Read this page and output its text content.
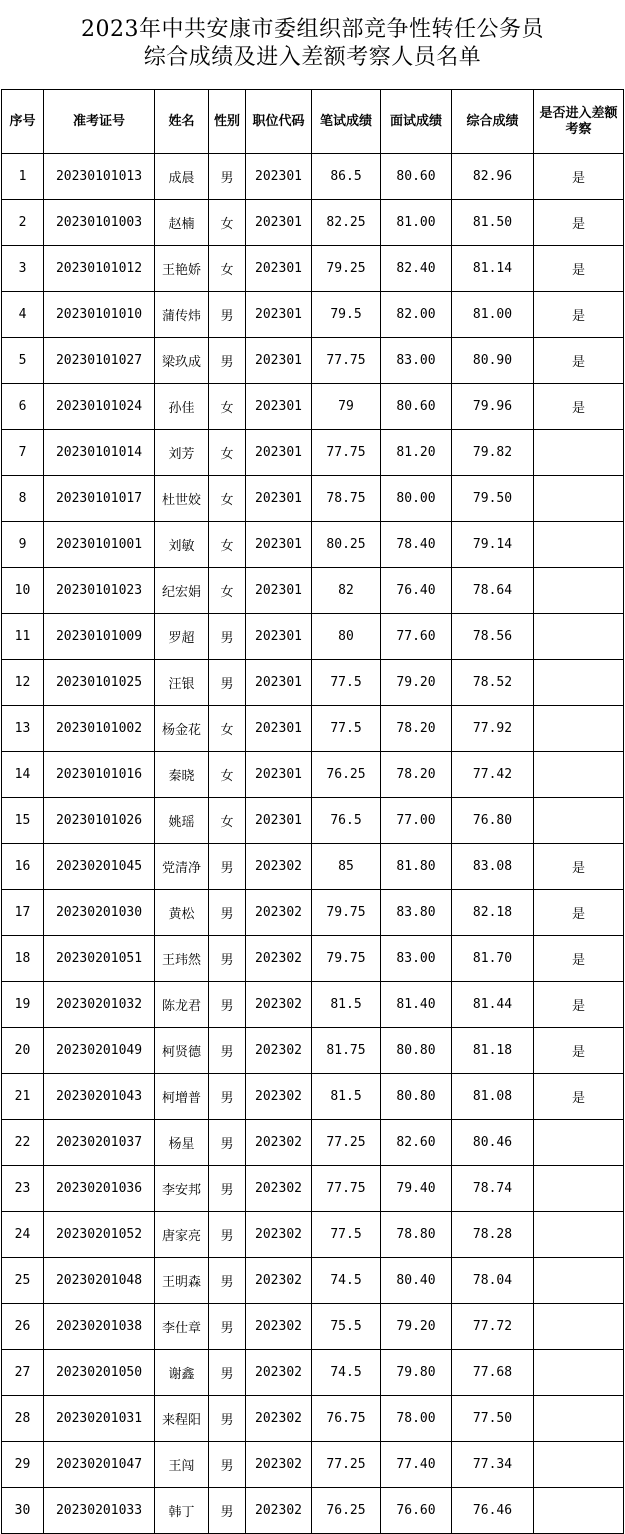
2023年中共安康市委组织部竞争性转任公务员
综合成绩及进入差额考察人员名单
序号	准考证号	姓名	性别	职位代码	笔试成绩	面试成绩	综合成绩	是否进入差额考察
1	20230101013	成晨	男	202301	86.5	80.60	82.96	是
2	20230101003	赵楠	女	202301	82.25	81.00	81.50	是
3	20230101012	王艳娇	女	202301	79.25	82.40	81.14	是
4	20230101010	蒲传炜	男	202301	79.5	82.00	81.00	是
5	20230101027	梁玖成	男	202301	77.75	83.00	80.90	是
6	20230101024	孙佳	女	202301	79	80.60	79.96	是
7	20230101014	刘芳	女	202301	77.75	81.20	79.82	
8	20230101017	杜世姣	女	202301	78.75	80.00	79.50	
9	20230101001	刘敏	女	202301	80.25	78.40	79.14	
10	20230101023	纪宏娟	女	202301	82	76.40	78.64	
11	20230101009	罗超	男	202301	80	77.60	78.56	
12	20230101025	汪银	男	202301	77.5	79.20	78.52	
13	20230101002	杨金花	女	202301	77.5	78.20	77.92	
14	20230101016	秦晓	女	202301	76.25	78.20	77.42	
15	20230101026	姚瑶	女	202301	76.5	77.00	76.80	
16	20230201045	党清净	男	202302	85	81.80	83.08	是
17	20230201030	黄松	男	202302	79.75	83.80	82.18	是
18	20230201051	王玮然	男	202302	79.75	83.00	81.70	是
19	20230201032	陈龙君	男	202302	81.5	81.40	81.44	是
20	20230201049	柯贤德	男	202302	81.75	80.80	81.18	是
21	20230201043	柯增普	男	202302	81.5	80.80	81.08	是
22	20230201037	杨星	男	202302	77.25	82.60	80.46	
23	20230201036	李安邦	男	202302	77.75	79.40	78.74	
24	20230201052	唐家亮	男	202302	77.5	78.80	78.28	
25	20230201048	王明森	男	202302	74.5	80.40	78.04	
26	20230201038	李仕章	男	202302	75.5	79.20	77.72	
27	20230201050	谢鑫	男	202302	74.5	79.80	77.68	
28	20230201031	来程阳	男	202302	76.75	78.00	77.50	
29	20230201047	王闯	男	202302	77.25	77.40	77.34	
30	20230201033	韩丁	男	202302	76.25	76.60	76.46	
